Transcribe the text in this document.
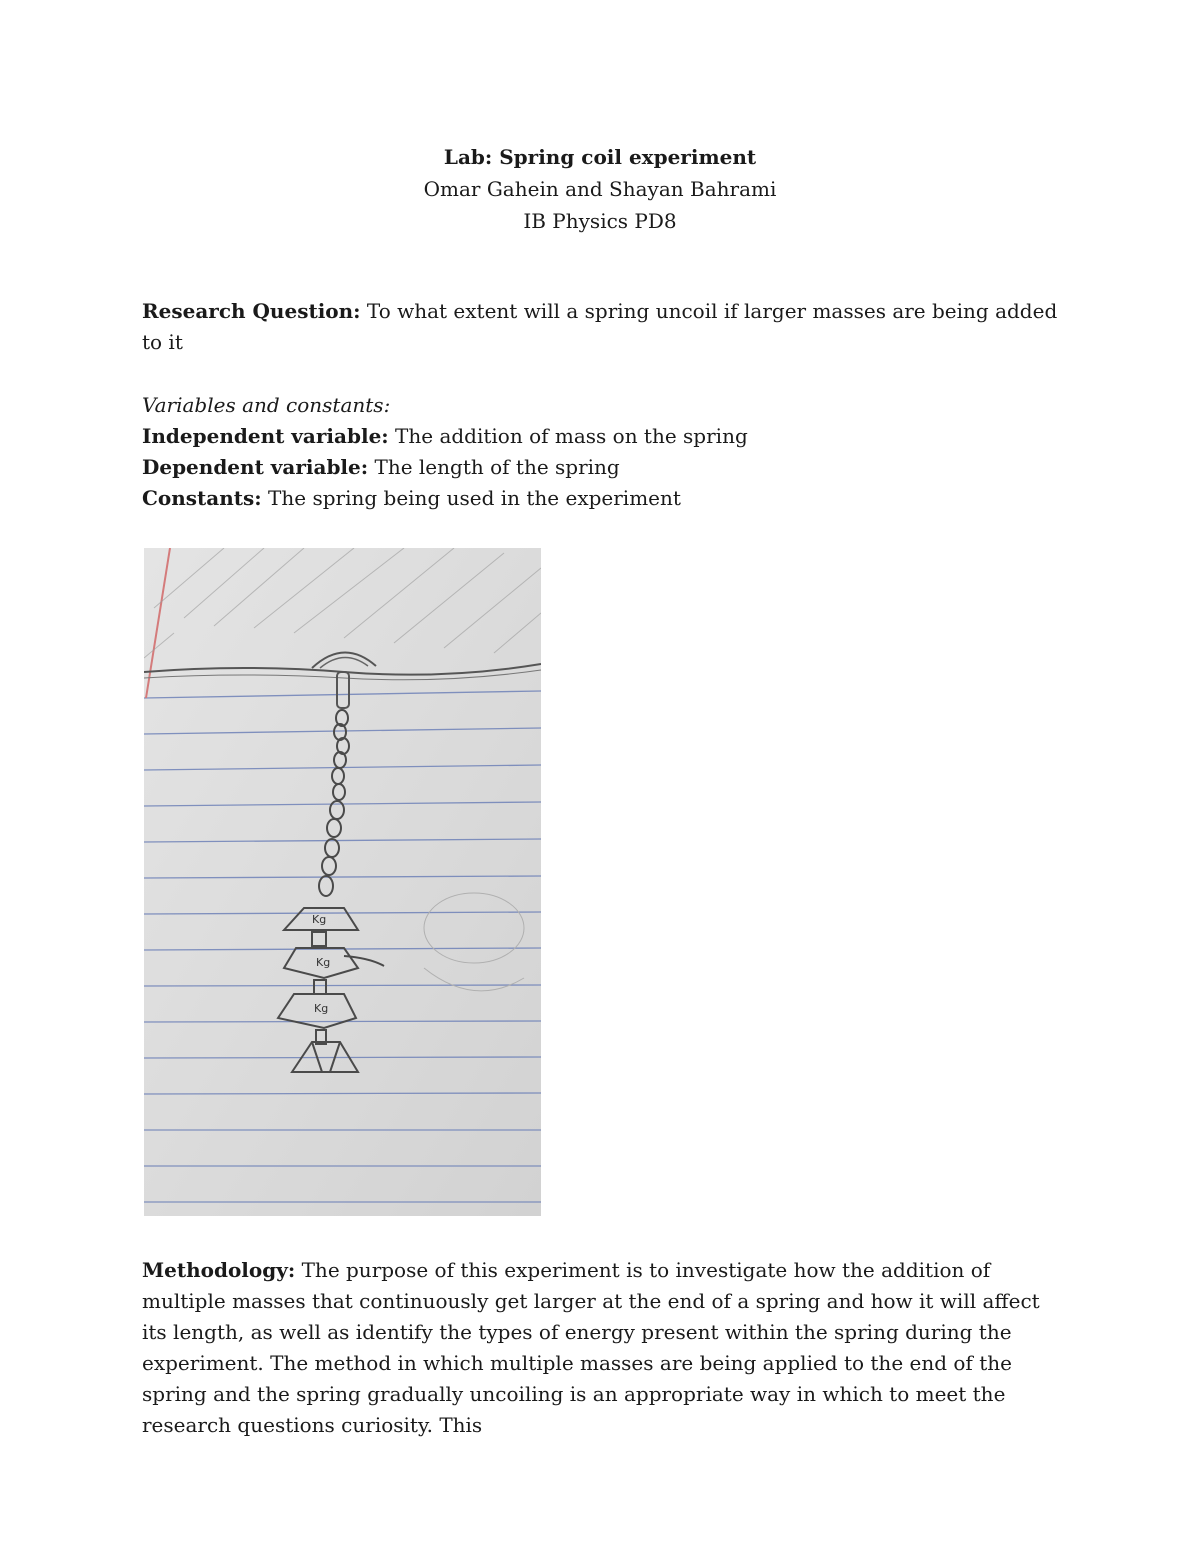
Lab: Spring coil experiment
Omar Gahein and Shayan Bahrami
IB Physics PD8
Research Question: To what extent will a spring uncoil if larger masses are being added to it
Variables and constants:
Independent variable: The addition of mass on the spring
Dependent variable: The length of the spring
Constants: The spring being used in the experiment
Kg
Kg
Kg
Methodology: The purpose of this experiment is to investigate how the addition of multiple masses that continuously get larger at the end of a spring and how it will affect its length, as well as identify the types of energy present within the spring during the experiment. The method in which multiple masses are being applied to the end of the spring and the spring gradually uncoiling is an appropriate way in which to meet the research questions curiosity. This
